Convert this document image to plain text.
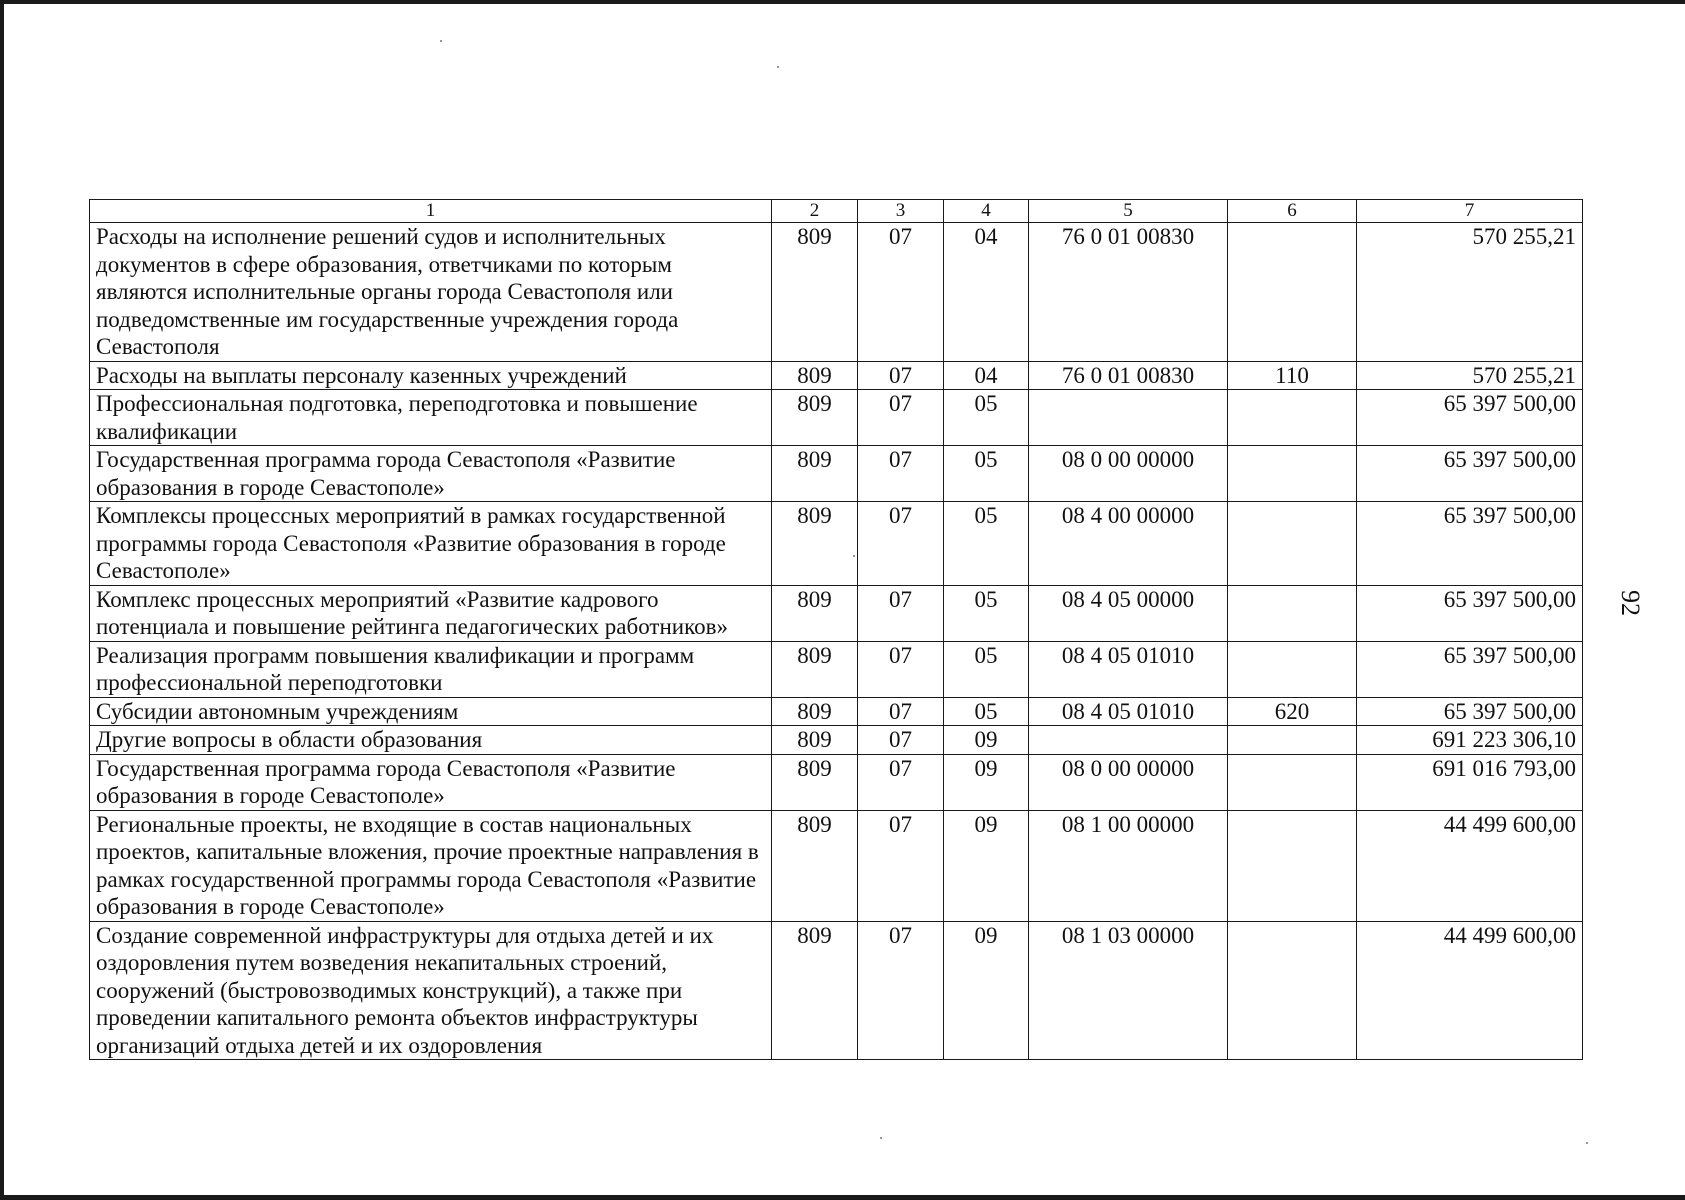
92
1	2	3	4	5	6	7
Расходы на исполнение решений судов и исполнительных документов в сфере образования, ответчиками по которым являются исполнительные органы города Севастополя или подведомственные им государственные учреждения города Севастополя	809	07	04	76 0 01 00830		570 255,21
Расходы на выплаты персоналу казенных учреждений	809	07	04	76 0 01 00830	110	570 255,21
Профессиональная подготовка, переподготовка и повышение квалификации	809	07	05			65 397 500,00
Государственная программа города Севастополя «Развитие образования в городе Севастополе»	809	07	05	08 0 00 00000		65 397 500,00
Комплексы процессных мероприятий в рамках государственной программы города Севастополя «Развитие образования в городе Севастополе»	809	07	05	08 4 00 00000		65 397 500,00
Комплекс процессных мероприятий «Развитие кадрового потенциала и повышение рейтинга педагогических работников»	809	07	05	08 4 05 00000		65 397 500,00
Реализация программ повышения квалификации и программ профессиональной переподготовки	809	07	05	08 4 05 01010		65 397 500,00
Субсидии автономным учреждениям	809	07	05	08 4 05 01010	620	65 397 500,00
Другие вопросы в области образования	809	07	09			691 223 306,10
Государственная программа города Севастополя «Развитие образования в городе Севастополе»	809	07	09	08 0 00 00000		691 016 793,00
Региональные проекты, не входящие в состав национальных проектов, капитальные вложения, прочие проектные направления в рамках государственной программы города Севастополя «Развитие образования в городе Севастополе»	809	07	09	08 1 00 00000		44 499 600,00
Создание современной инфраструктуры для отдыха детей и их оздоровления путем возведения некапитальных строений, сооружений (быстровозводимых конструкций), а также при проведении капитального ремонта объектов инфраструктуры организаций отдыха детей и их оздоровления	809	07	09	08 1 03 00000		44 499 600,00
